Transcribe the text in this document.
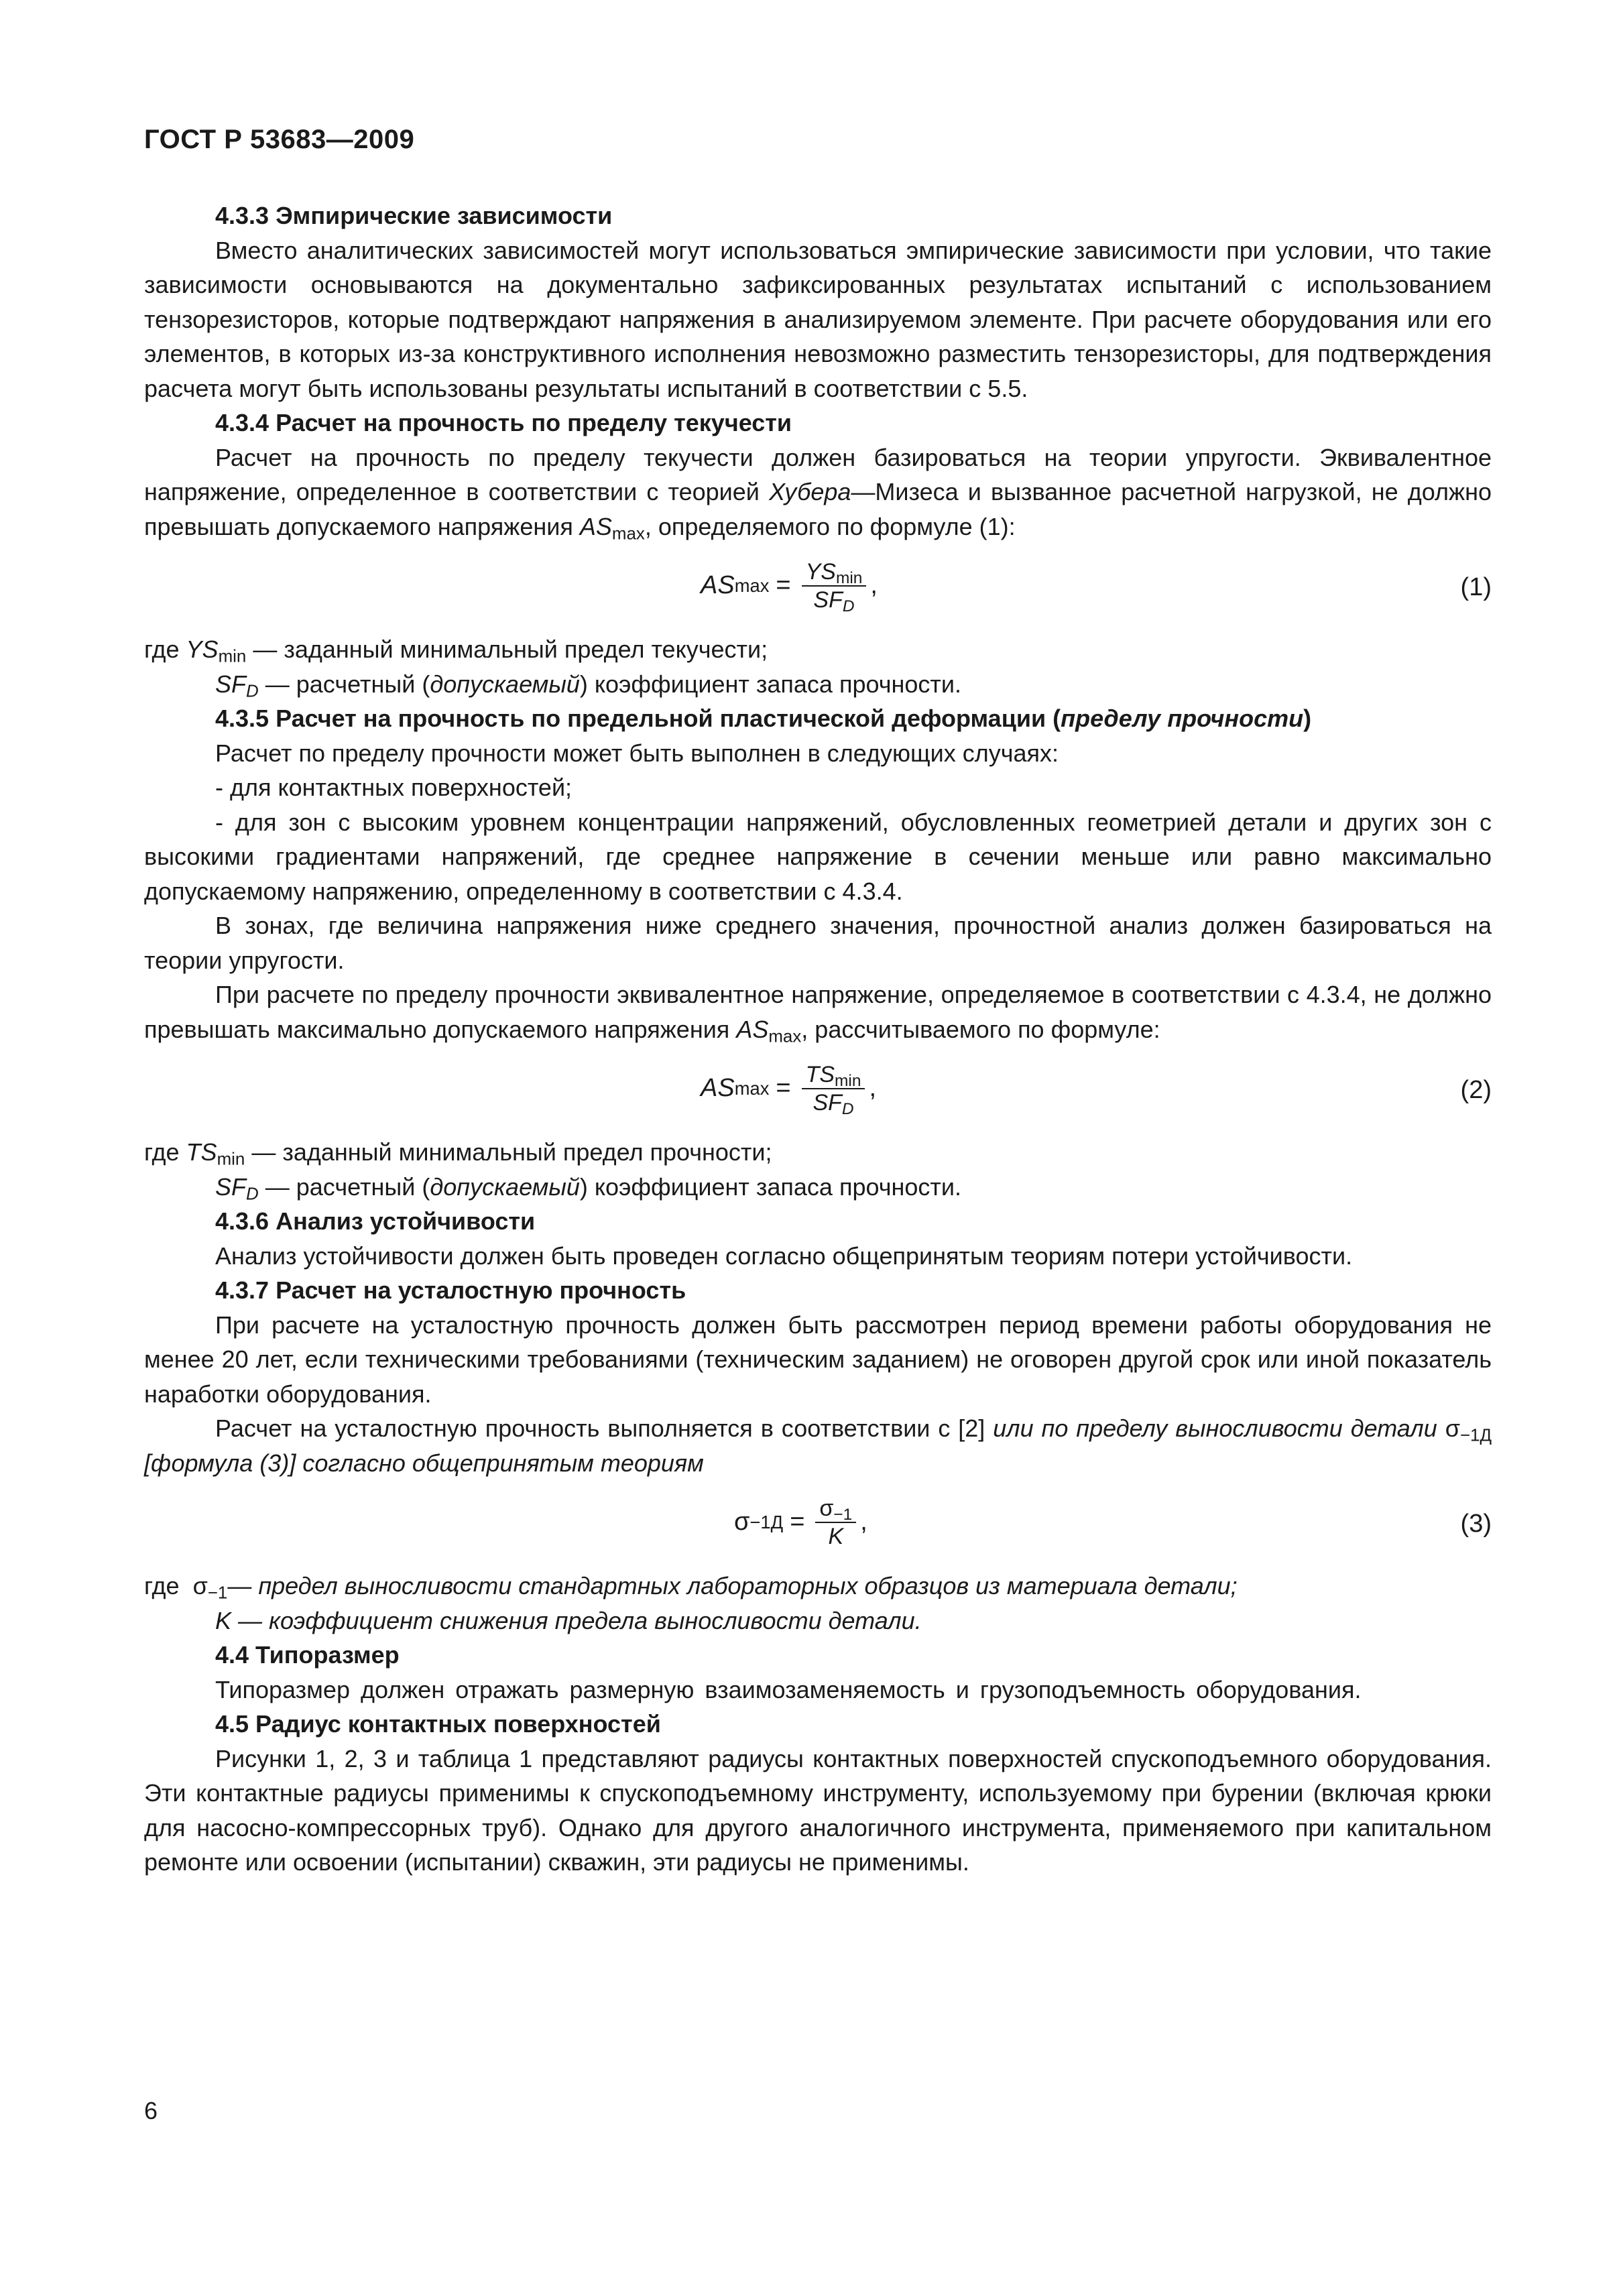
ГОСТ Р 53683—2009

4.3.3 Эмпирические зависимости

Вместо аналитических зависимостей могут использоваться эмпирические зависимости при условии, что такие зависимости основываются на документально зафиксированных результатах испытаний с использованием тензорезисторов, которые подтверждают напряжения в анализируемом элементе. При расчете оборудования или его элементов, в которых из-за конструктивного исполнения невозможно разместить тензорезисторы, для подтверждения расчета могут быть использованы результаты испытаний в соответствии с 5.5.

4.3.4 Расчет на прочность по пределу текучести

Расчет на прочность по пределу текучести должен базироваться на теории упругости. Эквивалентное напряжение, определенное в соответствии с теорией Хубера—Мизеса и вызванное расчетной нагрузкой, не должно превышать допускаемого напряжения $AS_{max}$, определяемого по формуле (1):

AS $\max = \frac{YS_{min}}{SF_D}$ ,	(1)

где $YS_{min}$ — заданный минимальный предел текучести;

$SF_D$ — расчетный (допускаемый) коэффициент запаса прочности.

4.3.5 Расчет на прочность по предельной пластической деформации (пределу прочности)

Расчет по пределу прочности может быть выполнен в следующих случаях:

- для контактных поверхностей;

- для зон с высоким уровнем концентрации напряжений, обусловленных геометрией детали и других зон с высокими градиентами напряжений, где среднее напряжение в сечении меньше или равно максимально допускаемому напряжению, определенному в соответствии с 4.3.4.

В зонах, где величина напряжения ниже среднего значения, прочностной анализ должен базироваться на теории упругости.

При расчете по пределу прочности эквивалентное напряжение, определяемое в соответствии с 4.3.4, не должно превышать максимально допускаемого напряжения $AS_{max}$, рассчитываемого по формуле:

AS $\max = \frac{TS_{min}}{SF_D}$ ,	(2)

где $TS_{min}$ — заданный минимальный предел прочности;

$SF_D$ — расчетный (допускаемый) коэффициент запаса прочности.

4.3.6 Анализ устойчивости

Анализ устойчивости должен быть проведен согласно общепринятым теориям потери устойчивости.

4.3.7 Расчет на усталостную прочность

При расчете на усталостную прочность должен быть рассмотрен период времени работы оборудования не менее 20 лет, если техническими требованиями (техническим заданием) не оговорен другой срок или иной показатель наработки оборудования.

Расчет на усталостную прочность выполняется в соответствии с [2] или по пределу выносливости детали $\sigma_{-1Д}$ [формула (3)] согласно общепринятым теориям

$\sigma -1Д = \frac{\sigma_{-1}}{K}$ ,	(3)

где  $\sigma_{-1}—$ предел выносливости стандартных лабораторных образцов из материала детали;

K — коэффициент снижения предела выносливости детали.

4.4 Типоразмер

Типоразмер должен отражать размерную взаимозаменяемость и грузоподъемность оборудования.

4.5 Радиус контактных поверхностей

Рисунки 1, 2, 3 и таблица 1 представляют радиусы контактных поверхностей спускоподъемного оборудования. Эти контактные радиусы применимы к спускоподъемному инструменту, используемому при бурении (включая крюки для насосно-компрессорных труб). Однако для другого аналогичного инструмента, применяемого при капитальном ремонте или освоении (испытании) скважин, эти радиусы не применимы.

6
